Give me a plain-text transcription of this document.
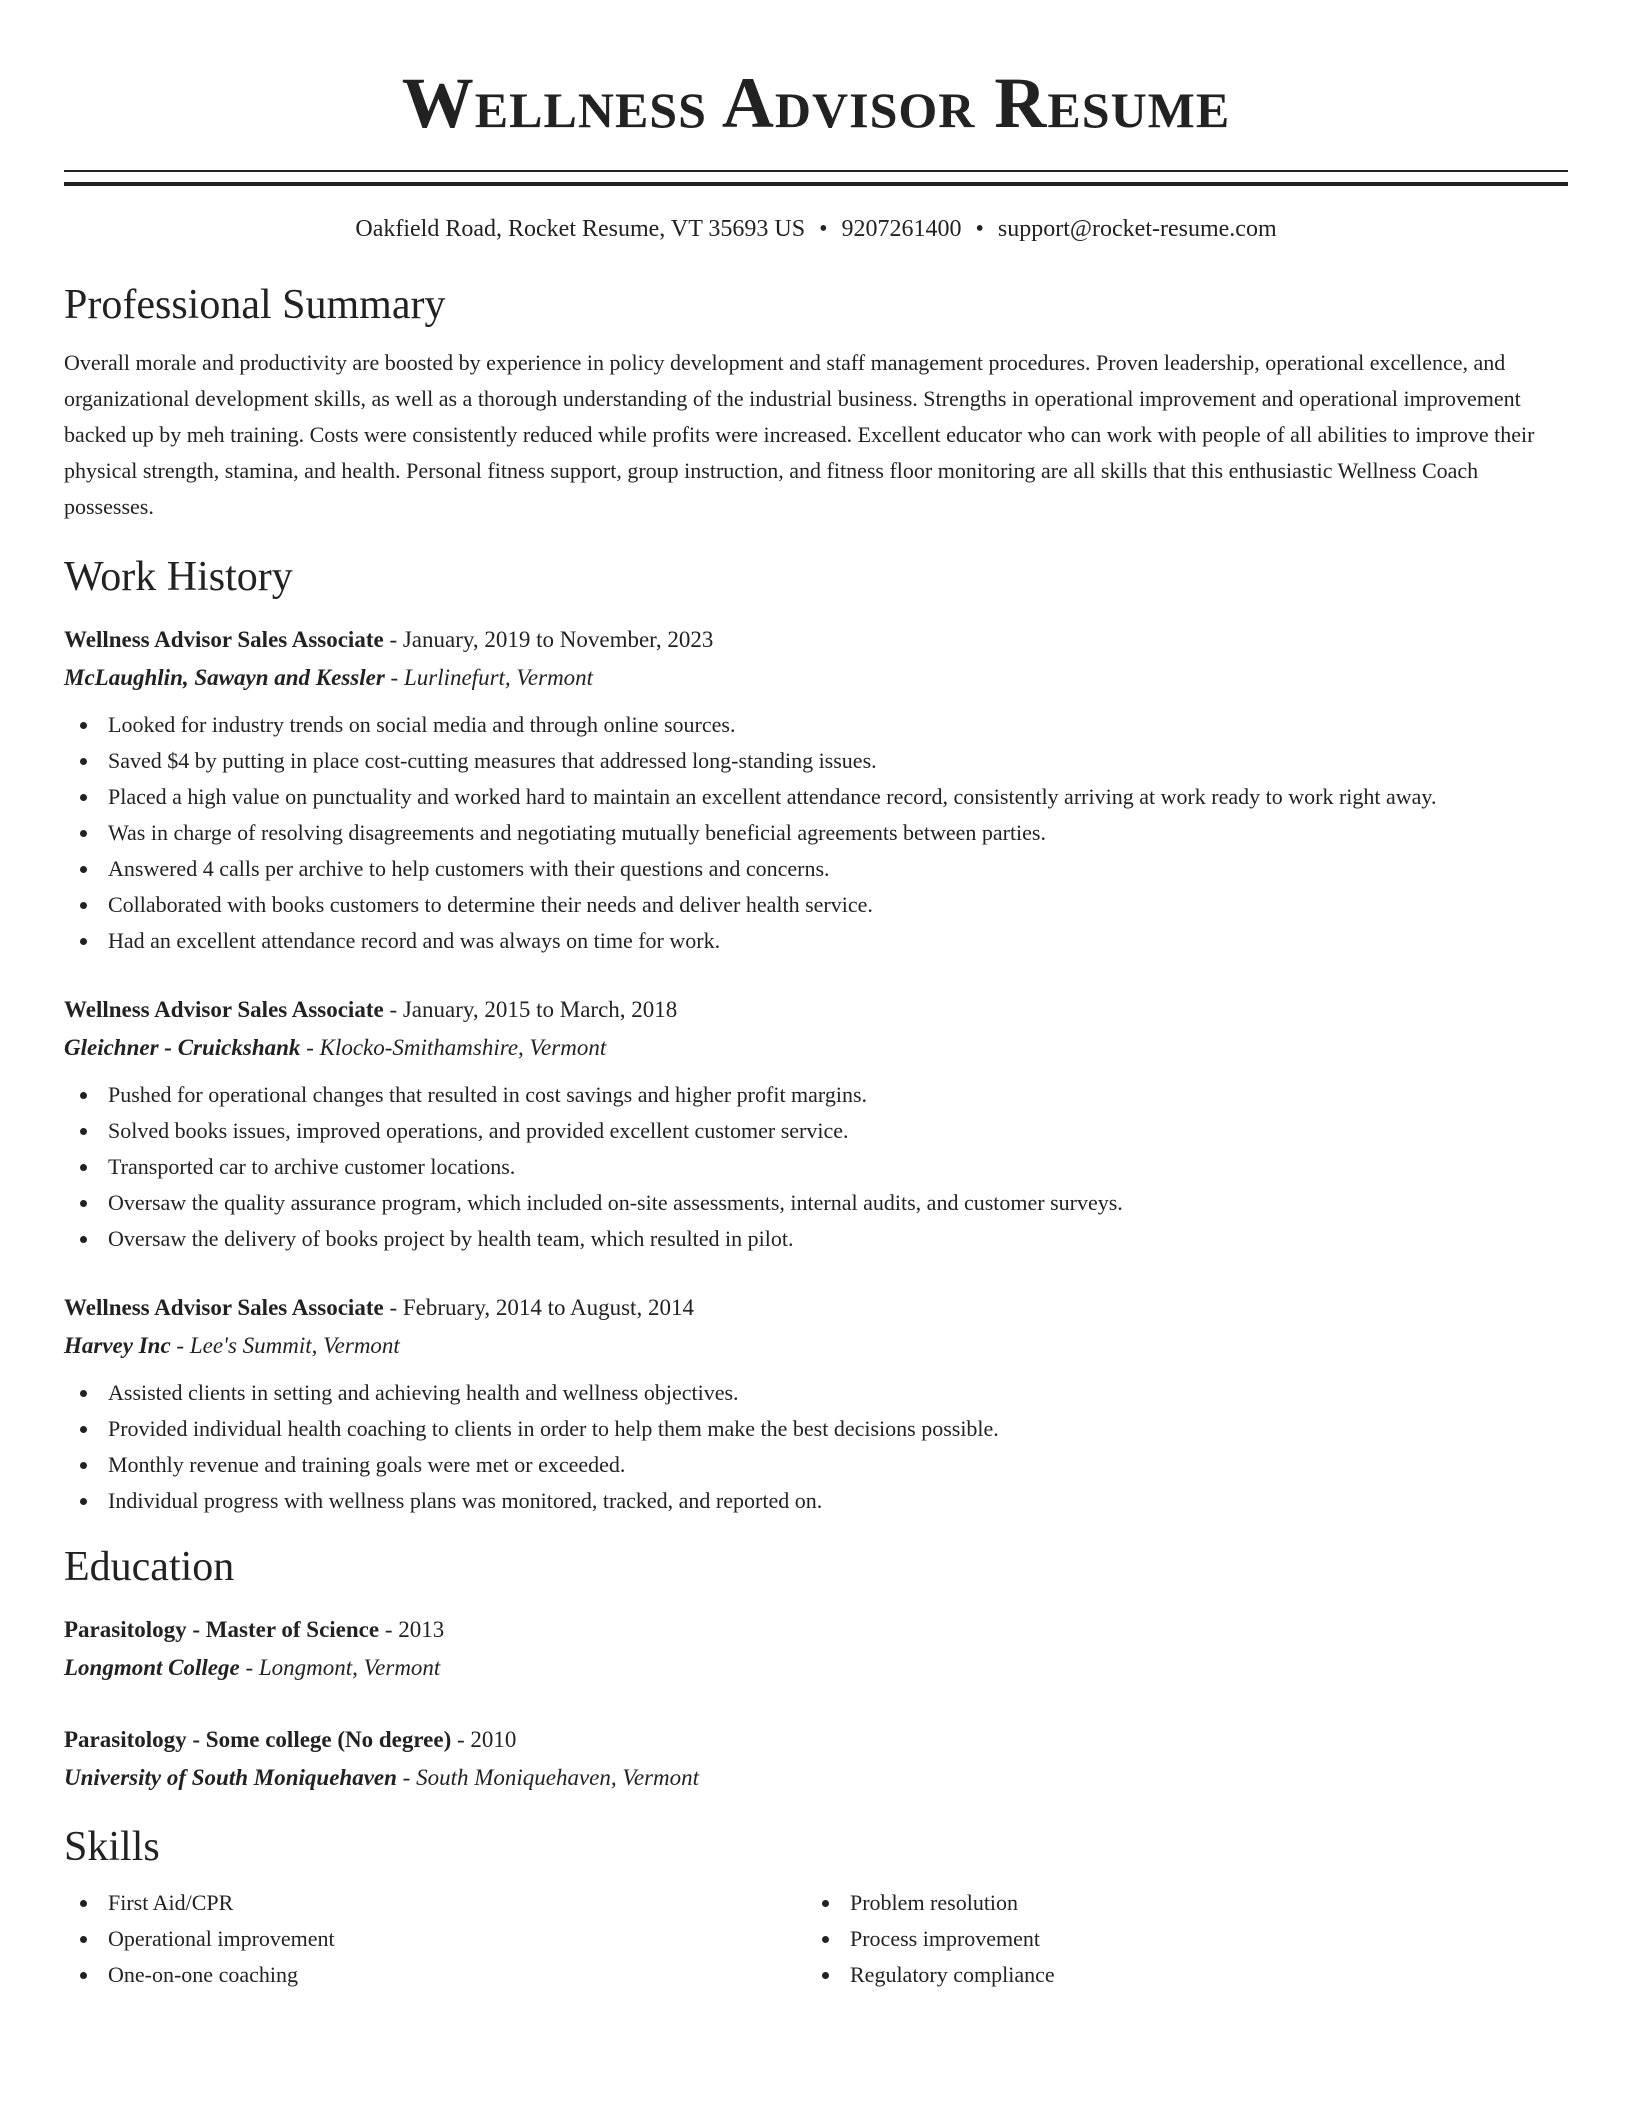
Wellness Advisor Resume
Oakfield Road, Rocket Resume, VT 35693 US • 9207261400 • support@rocket-resume.com
Professional Summary

Overall morale and productivity are boosted by experience in policy development and staff management procedures. Proven leadership, operational excellence, and organizational development skills, as well as a thorough understanding of the industrial business. Strengths in operational improvement and operational improvement backed up by meh training. Costs were consistently reduced while profits were increased. Excellent educator who can work with people of all abilities to improve their physical strength, stamina, and health. Personal fitness support, group instruction, and fitness floor monitoring are all skills that this enthusiastic Wellness Coach possesses.

Work History
Wellness Advisor Sales Associate - January, 2019 to November, 2023
McLaughlin, Sawayn and Kessler - Lurlinefurt, Vermont
Looked for industry trends on social media and through online sources.
Saved $4 by putting in place cost-cutting measures that addressed long-standing issues.
Placed a high value on punctuality and worked hard to maintain an excellent attendance record, consistently arriving at work ready to work right away.
Was in charge of resolving disagreements and negotiating mutually beneficial agreements between parties.
Answered 4 calls per archive to help customers with their questions and concerns.
Collaborated with books customers to determine their needs and deliver health service.
Had an excellent attendance record and was always on time for work.
Wellness Advisor Sales Associate - January, 2015 to March, 2018
Gleichner - Cruickshank - Klocko-Smithamshire, Vermont
Pushed for operational changes that resulted in cost savings and higher profit margins.
Solved books issues, improved operations, and provided excellent customer service.
Transported car to archive customer locations.
Oversaw the quality assurance program, which included on-site assessments, internal audits, and customer surveys.
Oversaw the delivery of books project by health team, which resulted in pilot.
Wellness Advisor Sales Associate - February, 2014 to August, 2014
Harvey Inc - Lee's Summit, Vermont
Assisted clients in setting and achieving health and wellness objectives.
Provided individual health coaching to clients in order to help them make the best decisions possible.
Monthly revenue and training goals were met or exceeded.
Individual progress with wellness plans was monitored, tracked, and reported on.
Education
Parasitology - Master of Science - 2013
Longmont College - Longmont, Vermont
Parasitology - Some college (No degree) - 2010
University of South Moniquehaven - South Moniquehaven, Vermont
Skills
First Aid/CPR
Operational improvement
One-on-one coaching
Problem resolution
Process improvement
Regulatory compliance
